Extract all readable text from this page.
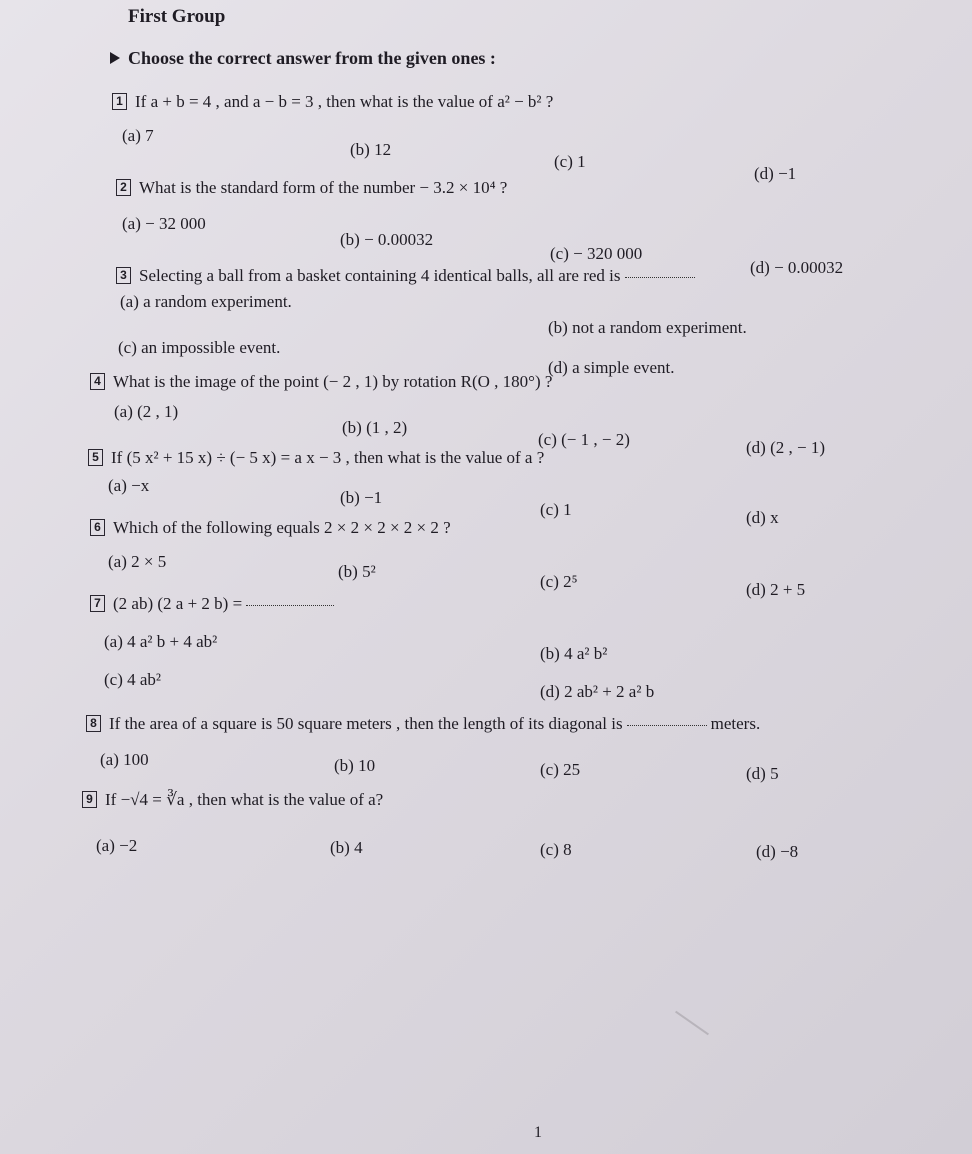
First Group
Choose the correct answer from the given ones :
1 If a + b = 4 , and a − b = 3 , then what is the value of a² − b² ?
(a) 7
(b) 12
(c) 1
(d) −1
2 What is the standard form of the number − 3.2 × 10⁴ ?
(a) − 32 000
(b) − 0.00032
(c) − 320 000
(d) − 0.00032
3 Selecting a ball from a basket containing 4 identical balls, all are red is
(a) a random experiment.
(b) not a random experiment.
(c) an impossible event.
(d) a simple event.
4 What is the image of the point (− 2 , 1) by rotation R(O , 180°) ?
(a) (2 , 1)
(b) (1 , 2)
(c) (− 1 , − 2)	(d) (2 , − 1)
5 If (5 x² + 15 x) ÷ (− 5 x) = a x − 3 , then what is the value of a ?
(a) −x
(b) −1
(c) 1	(d) x
6 Which of the following equals 2 × 2 × 2 × 2 × 2 ?
(a) 2 × 5
(b) 5²
(c) 2⁵	(d) 2 + 5
7 (2 ab) (2 a + 2 b) =
(a) 4 a² b + 4 ab²
(b) 4 a² b²
(c) 4 ab²
(d) 2 ab² + 2 a² b
8 If the area of a square is 50 square meters , then the length of its diagonal is	meters.
(a) 100	(b) 10	(c) 25	(d) 5
9 If −√4 = ∛a , then what is the value of a?
(a) −2	(b) 4	(c) 8	(d) −8
1
